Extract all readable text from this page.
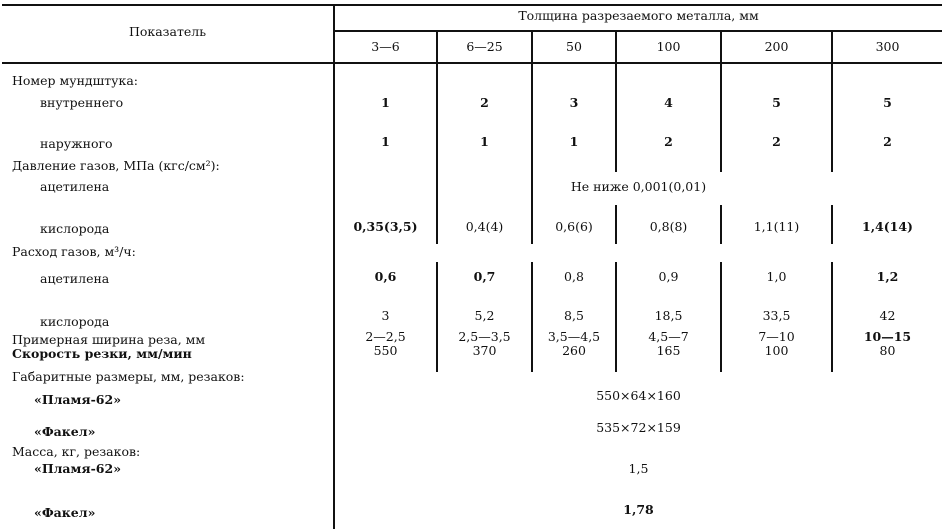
Показатель
Толщина разрезаемого металла, мм
3—6	6—25	50	100	200	300
Номер мундштука:
внутреннего	1	2	3	4	5	5
наружного	1	1	1	2	2	2
Давление газов, МПа (кгс/см²):
ацетилена	Не ниже 0,001(0,01)
кислорода	0,35(3,5)	0,4(4)	0,6(6)	0,8(8)	1,1(11)	1,4(14)
Расход газов, м³/ч:
ацетилена	0,6	0,7	0,8	0,9	1,0	1,2
кислорода	3	5,2	8,5	18,5	33,5	42
Примерная ширина реза, мм	2—2,5	2,5—3,5	3,5—4,5	4,5—7	7—10	10—15
Скорость резки, мм/мин	550	370	260	165	100	80
Габаритные размеры, мм, резаков:
«Пламя-62»	550×64×160
«Факел»	535×72×159
Масса, кг, резаков:
«Пламя-62»	1,5
«Факел»	1,78
